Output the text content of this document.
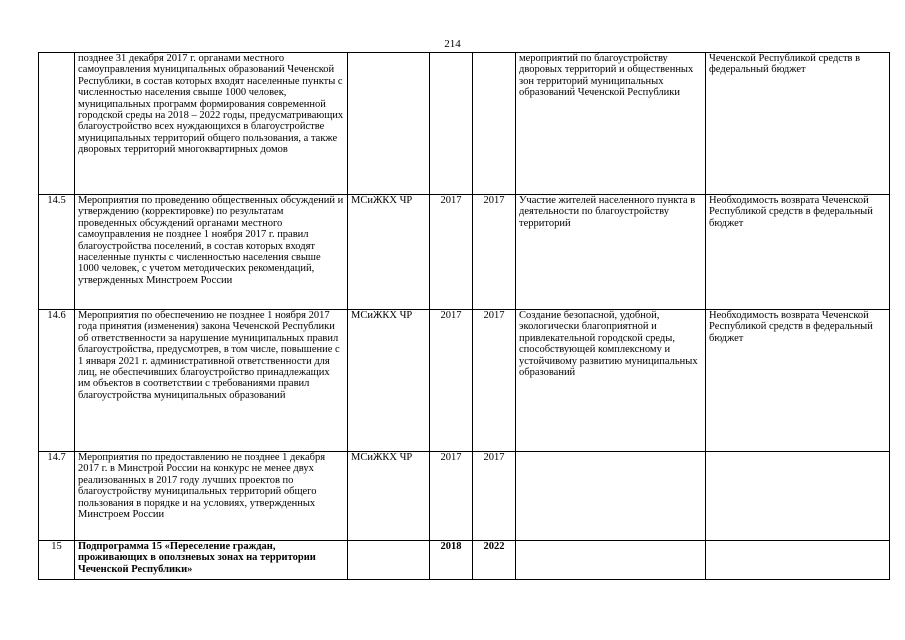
214
	позднее 31 декабря 2017 г. органами местного самоуправления муниципальных образований Чеченской Республики, в состав которых входят населенные пункты с численностью населения свыше 1000 человек, муниципальных программ формирования современной городской среды на 2018 – 2022 годы, предусматривающих благоустройство всех нуждающихся в благоустройстве муниципальных территорий общего пользования, а также дворовых территорий многоквартирных домов				мероприятий по благоустройству дворовых территорий и общественных зон территорий муниципальных образований Чеченской Республики	Чеченской Республикой средств в федеральный бюджет
14.5	Мероприятия по проведению общественных обсуждений и утверждению (корректировке) по результатам проведенных обсуждений органами местного самоуправления не позднее 1 ноября 2017 г. правил благоустройства поселений, в состав которых входят населенные пункты с численностью населения свыше 1000 человек, с учетом методических рекомендаций, утвержденных Минстроем России	МСиЖКХ ЧР	2017	2017	Участие жителей населенного пункта в деятельности по благоустройству территорий	Необходимость возврата Чеченской Республикой средств в федеральный бюджет
14.6	Мероприятия по обеспечению не позднее 1 ноября 2017 года принятия (изменения) закона Чеченской Республики об ответственности за нарушение муниципальных правил благоустройства, предусмотрев, в том числе, повышение с 1 января 2021 г. административной ответственности для лиц, не обеспечивших благоустройство принадлежащих им объектов в соответствии с требованиями правил благоустройства муниципальных образований	МСиЖКХ ЧР	2017	2017	Создание безопасной, удобной, экологически благоприятной и привлекательной городской среды, способствующей комплексному и устойчивому развитию муниципальных образований	Необходимость возврата Чеченской Республикой средств в федеральный бюджет
14.7	Мероприятия по предоставлению не позднее 1 декабря 2017 г. в Минстрой России на конкурс не менее двух реализованных в 2017 году лучших проектов по благоустройству муниципальных территорий общего пользования в порядке и на условиях, утвержденных Минстроем России	МСиЖКХ ЧР	2017	2017		
15	Подпрограмма 15 «Переселение граждан, проживающих в оползневых зонах на территории Чеченской Республики»		2018	2022		
